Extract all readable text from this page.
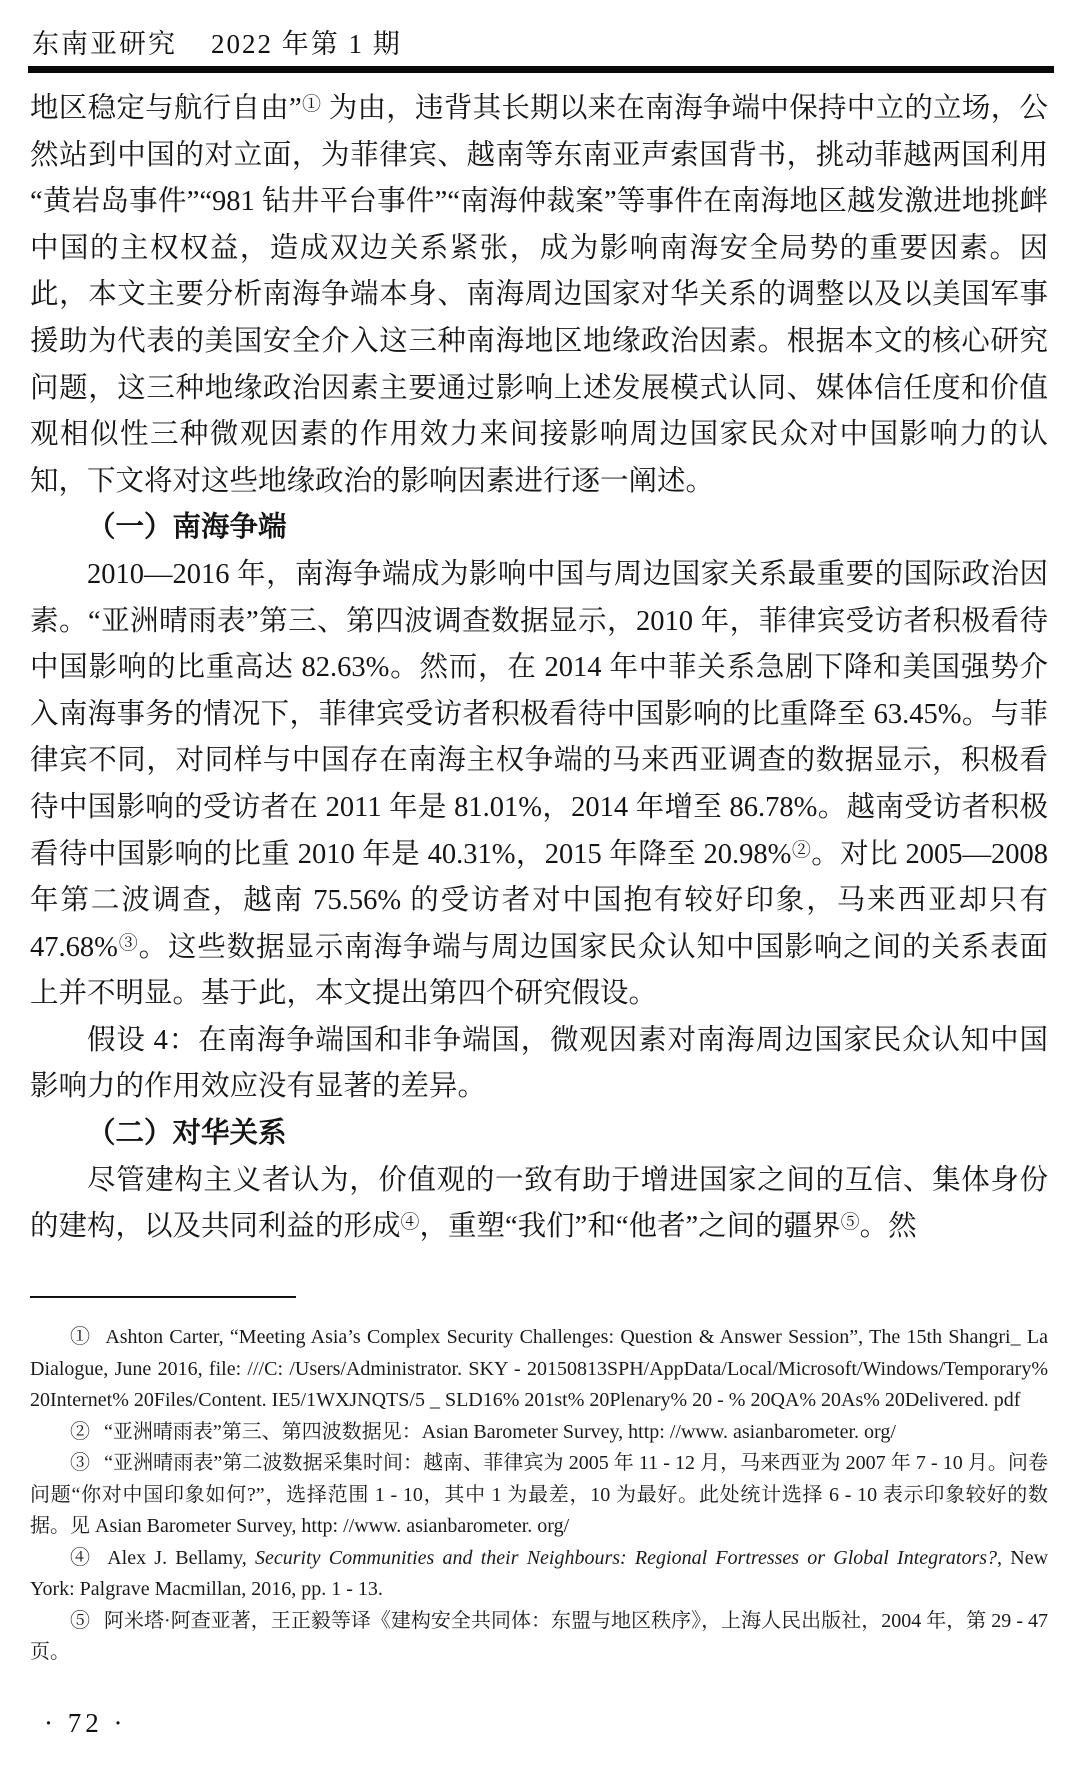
东南亚研究 2022 年第 1 期

地区稳定与航行自由”① 为由，违背其长期以来在南海争端中保持中立的立场，公然站到中国的对立面，为菲律宾、越南等东南亚声索国背书，挑动菲越两国利用“黄岩岛事件”“981 钻井平台事件”“南海仲裁案”等事件在南海地区越发激进地挑衅中国的主权权益，造成双边关系紧张，成为影响南海安全局势的重要因素。因此，本文主要分析南海争端本身、南海周边国家对华关系的调整以及以美国军事援助为代表的美国安全介入这三种南海地区地缘政治因素。根据本文的核心研究问题，这三种地缘政治因素主要通过影响上述发展模式认同、媒体信任度和价值观相似性三种微观因素的作用效力来间接影响周边国家民众对中国影响力的认知，下文将对这些地缘政治的影响因素进行逐一阐述。

（一）南海争端

2010—2016 年，南海争端成为影响中国与周边国家关系最重要的国际政治因素。“亚洲晴雨表”第三、第四波调查数据显示，2010 年，菲律宾受访者积极看待中国影响的比重高达 82.63%。然而，在 2014 年中菲关系急剧下降和美国强势介入南海事务的情况下，菲律宾受访者积极看待中国影响的比重降至 63.45%。与菲律宾不同，对同样与中国存在南海主权争端的马来西亚调查的数据显示，积极看待中国影响的受访者在 2011 年是 81.01%，2014 年增至 86.78%。越南受访者积极看待中国影响的比重 2010 年是 40.31%，2015 年降至 20.98%②。对比 2005—2008 年第二波调查，越南 75.56% 的受访者对中国抱有较好印象，马来西亚却只有 47.68%③。这些数据显示南海争端与周边国家民众认知中国影响之间的关系表面上并不明显。基于此，本文提出第四个研究假设。

假设 4：在南海争端国和非争端国，微观因素对南海周边国家民众认知中国影响力的作用效应没有显著的差异。

（二）对华关系

尽管建构主义者认为，价值观的一致有助于增进国家之间的互信、集体身份的建构，以及共同利益的形成④，重塑“我们”和“他者”之间的疆界⑤。然

① Ashton Carter, “Meeting Asia’s Complex Security Challenges: Question & Answer Session”, The 15th Shangri_ La Dialogue, June 2016, file: ///C: /Users/Administrator. SKY - 20150813SPH/AppData/Local/Microsoft/Windows/Temporary% 20Internet% 20Files/Content. IE5/1WXJNQTS/5 _ SLD16% 201st% 20Plenary% 20 - % 20QA% 20As% 20Delivered. pdf

② “亚洲晴雨表”第三、第四波数据见：Asian Barometer Survey, http: //www. asianbarometer. org/

③ “亚洲晴雨表”第二波数据采集时间：越南、菲律宾为 2005 年 11 - 12 月，马来西亚为 2007 年 7 - 10 月。问卷问题“你对中国印象如何?”，选择范围 1 - 10，其中 1 为最差，10 为最好。此处统计选择 6 - 10 表示印象较好的数据。见 Asian Barometer Survey, http: //www. asianbarometer. org/

④ Alex J. Bellamy, Security Communities and their Neighbours: Regional Fortresses or Global Integrators?, New York: Palgrave Macmillan, 2016, pp. 1 - 13.

⑤ 阿米塔·阿查亚著，王正毅等译《建构安全共同体：东盟与地区秩序》，上海人民出版社，2004 年，第 29 - 47 页。

· 72 ·
